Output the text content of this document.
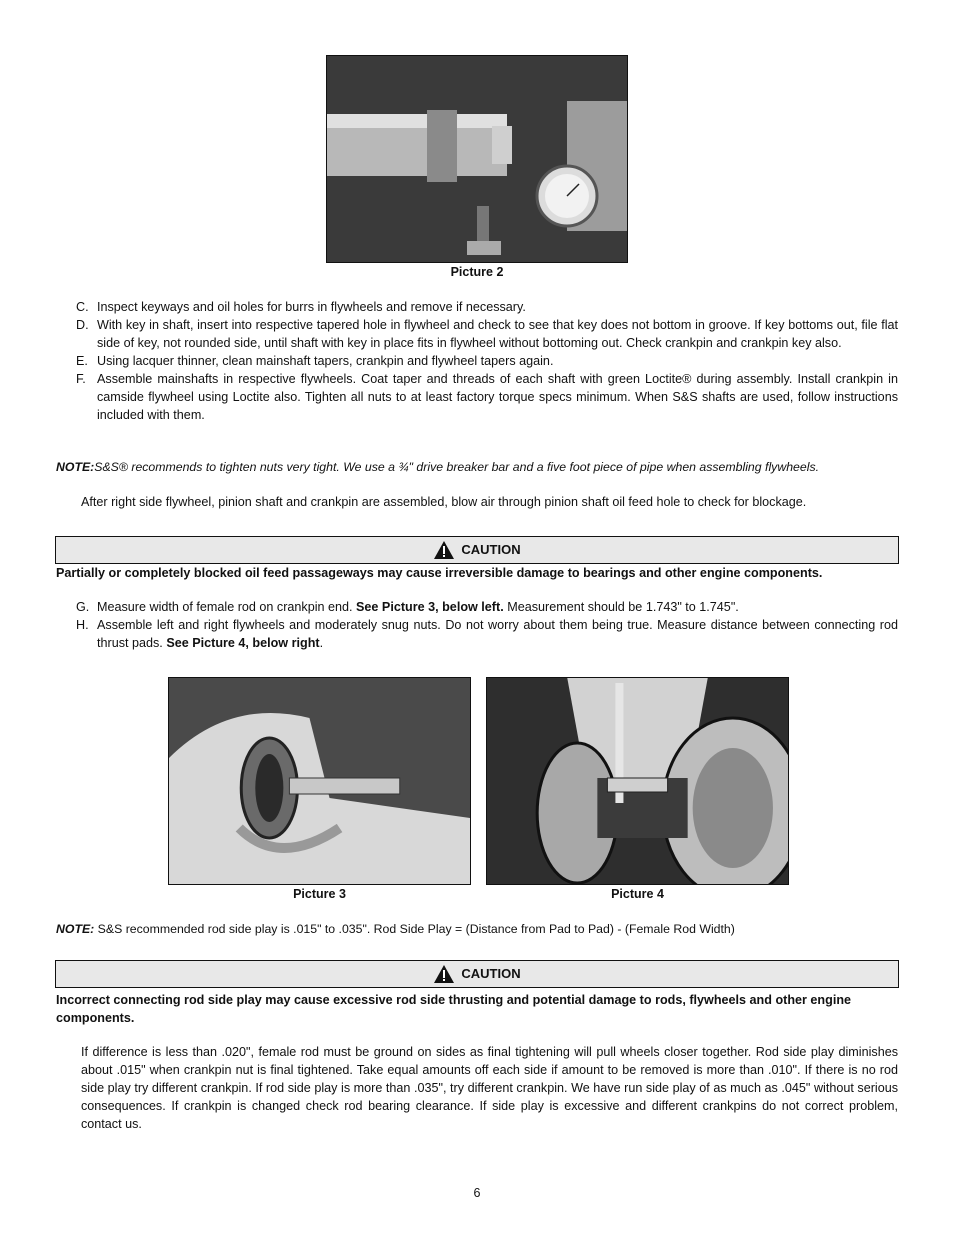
Picture 2
C. Inspect keyways and oil holes for burrs in flywheels and remove if necessary.
D. With key in shaft, insert into respective tapered hole in flywheel and check to see that key does not bottom in groove. If key bottoms out, file flat side of key, not rounded side, until shaft with key in place fits in flywheel without bottoming out. Check crankpin and crankpin key also.
E. Using lacquer thinner, clean mainshaft tapers, crankpin and flywheel tapers again.
F. Assemble mainshafts in respective flywheels. Coat taper and threads of each shaft with green Loctite® during assembly. Install crankpin in camside flywheel using Loctite also. Tighten all nuts to at least factory torque specs minimum. When S&S shafts are used, follow instructions included with them.
NOTE:S&S® recommends to tighten nuts very tight. We use a ¾" drive breaker bar and a five foot piece of pipe when assembling flywheels.
After right side flywheel, pinion shaft and crankpin are assembled, blow air through pinion shaft oil feed hole to check for blockage.
CAUTION
Partially or completely blocked oil feed passageways may cause irreversible damage to bearings and other engine components.
G. Measure width of female rod on crankpin end. See Picture 3, below left. Measurement should be 1.743" to 1.745".
H. Assemble left and right flywheels and moderately snug nuts. Do not worry about them being true. Measure distance between connecting rod thrust pads. See Picture 4, below right.
Picture 3	Picture 4
NOTE: S&S recommended rod side play is .015" to .035". Rod Side Play = (Distance from Pad to Pad) - (Female Rod Width)
CAUTION
Incorrect connecting rod side play may cause excessive rod side thrusting and potential damage to rods, flywheels and other engine components.
If difference is less than .020", female rod must be ground on sides as final tightening will pull wheels closer together. Rod side play diminishes about .015" when crankpin nut is final tightened. Take equal amounts off each side if amount to be removed is more than .010". If there is no rod side play try different crankpin. If rod side play is more than .035", try different crankpin. We have run side play of as much as .045" without serious consequences. If crankpin is changed check rod bearing clearance. If side play is excessive and different crankpins do not correct problem, contact us.
6
